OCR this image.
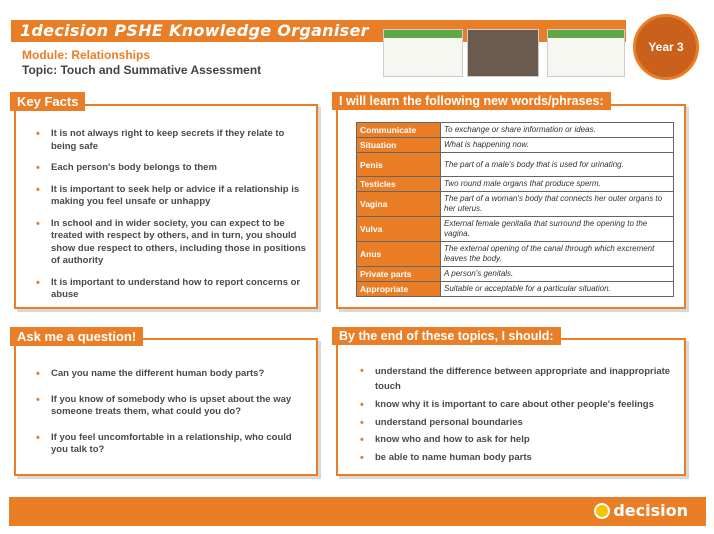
1decision PSHE Knowledge Organiser
Module: Relationships
Topic: Touch and Summative Assessment
Year 3
Key Facts
• It is not always right to keep secrets if they relate to being safe
• Each person's body belongs to them
• It is important to seek help or advice if a relationship is making you feel unsafe or unhappy
• In school and in wider society, you can expect to be treated with respect by others, and in turn, you should show due respect to others, including those in positions of authority
• It is important to understand how to report concerns or abuse
I will learn the following new words/phrases:
Communicate	To exchange or share information or ideas.
Situation	What is happening now.
Penis	The part of a male's body that is used for urinating.
Testicles	Two round male organs that produce sperm.
Vagina	The part of a woman's body that connects her outer organs to her uterus.
Vulva	External female genitalia that surround the opening to the vagina.
Anus	The external opening of the canal through which excrement leaves the body.
Private parts	A person's genitals.
Appropriate	Suitable or acceptable for a particular situation.
Ask me a question!
• Can you name the different human body parts?
• If you know of somebody who is upset about the way someone treats them, what could you do?
• If you feel uncomfortable in a relationship, who could you talk to?
By the end of these topics, I should:
• understand the difference between appropriate and inappropriate touch
• know why it is important to care about other people's feelings
• understand personal boundaries
• know who and how to ask for help
• be able to name human body parts
decision
